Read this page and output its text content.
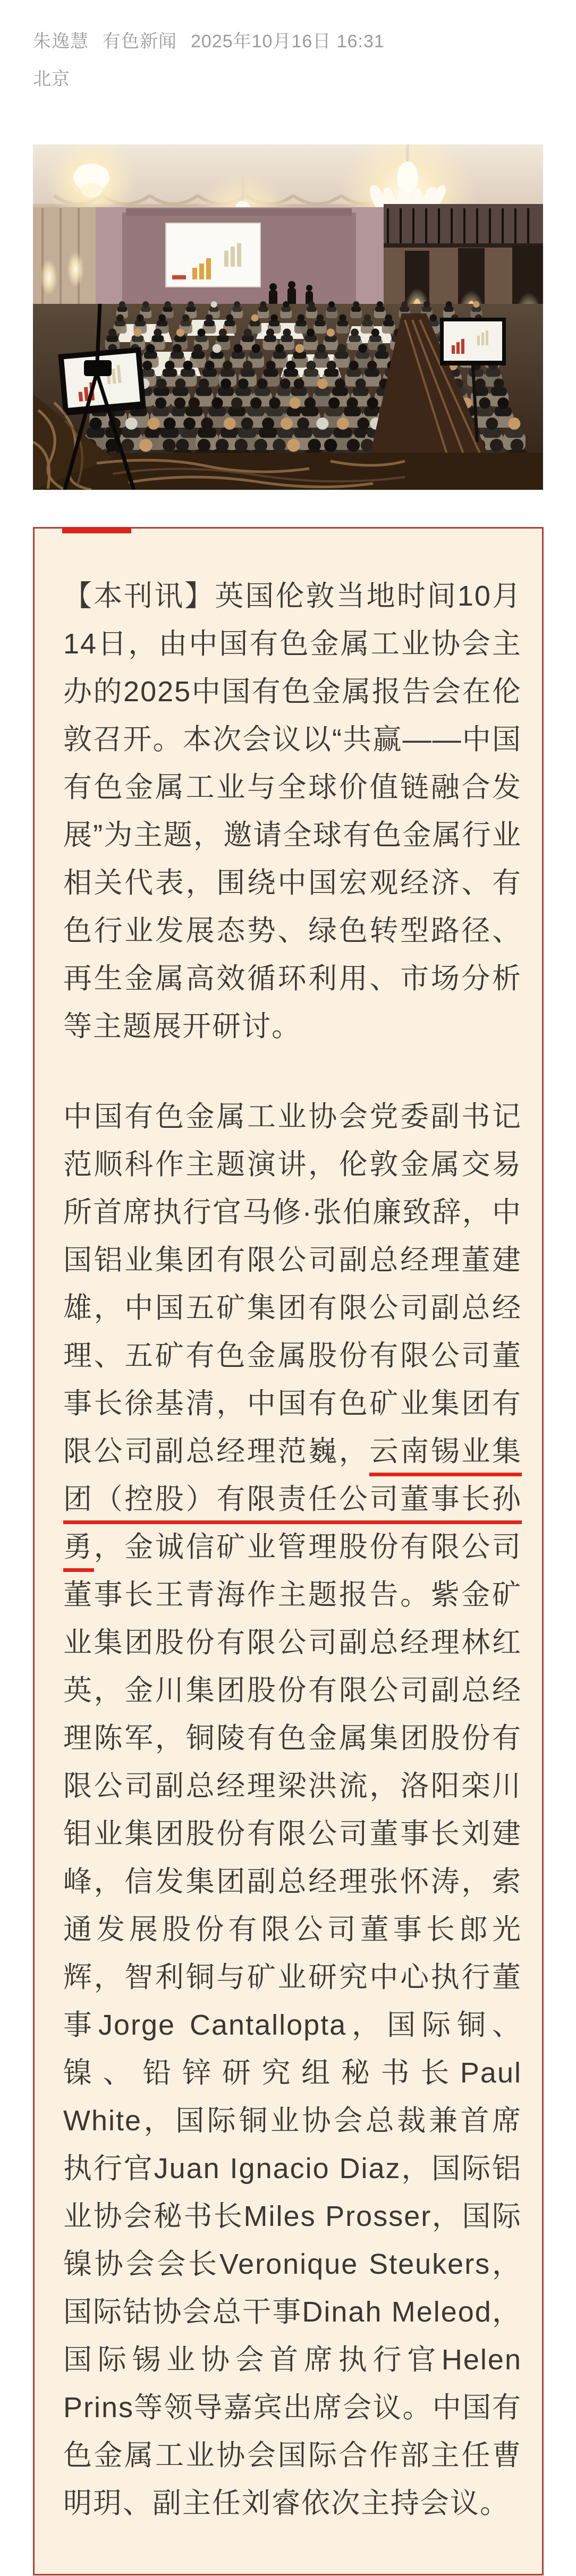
朱逸慧 有色新闻 2025年10月16日 16:31
北京

【本刊讯】英国伦敦当地时间10月14日，由中国有色金属工业协会主办的2025中国有色金属报告会在伦敦召开。本次会议以“共赢——中国有色金属工业与全球价值链融合发展”为主题，邀请全球有色金属行业相关代表，围绕中国宏观经济、有色行业发展态势、绿色转型路径、再生金属高效循环利用、市场分析等主题展开研讨。

中国有色金属工业协会党委副书记范顺科作主题演讲，伦敦金属交易所首席执行官马修·张伯廉致辞，中国铝业集团有限公司副总经理董建雄，中国五矿集团有限公司副总经理、五矿有色金属股份有限公司董事长徐基清，中国有色矿业集团有限公司副总经理范巍，云南锡业集团（控股）有限责任公司董事长孙勇，金诚信矿业管理股份有限公司董事长王青海作主题报告。紫金矿业集团股份有限公司副总经理林红英，金川集团股份有限公司副总经理陈军，铜陵有色金属集团股份有限公司副总经理梁洪流，洛阳栾川钼业集团股份有限公司董事长刘建峰，信发集团副总经理张怀涛，索通发展股份有限公司董事长郎光辉，智利铜与矿业研究中心执行董事Jorge Cantallopta，国际铜、镍、铅锌研究组秘书长Paul White，国际铜业协会总裁兼首席执行官Juan Ignacio Diaz，国际铝业协会秘书长Miles Prosser，国际镍协会会长Veronique Steukers，国际钴协会总干事Dinah Meleod，国际锡业协会首席执行官Helen Prins等领导嘉宾出席会议。中国有色金属工业协会国际合作部主任曹明玥、副主任刘睿依次主持会议。
